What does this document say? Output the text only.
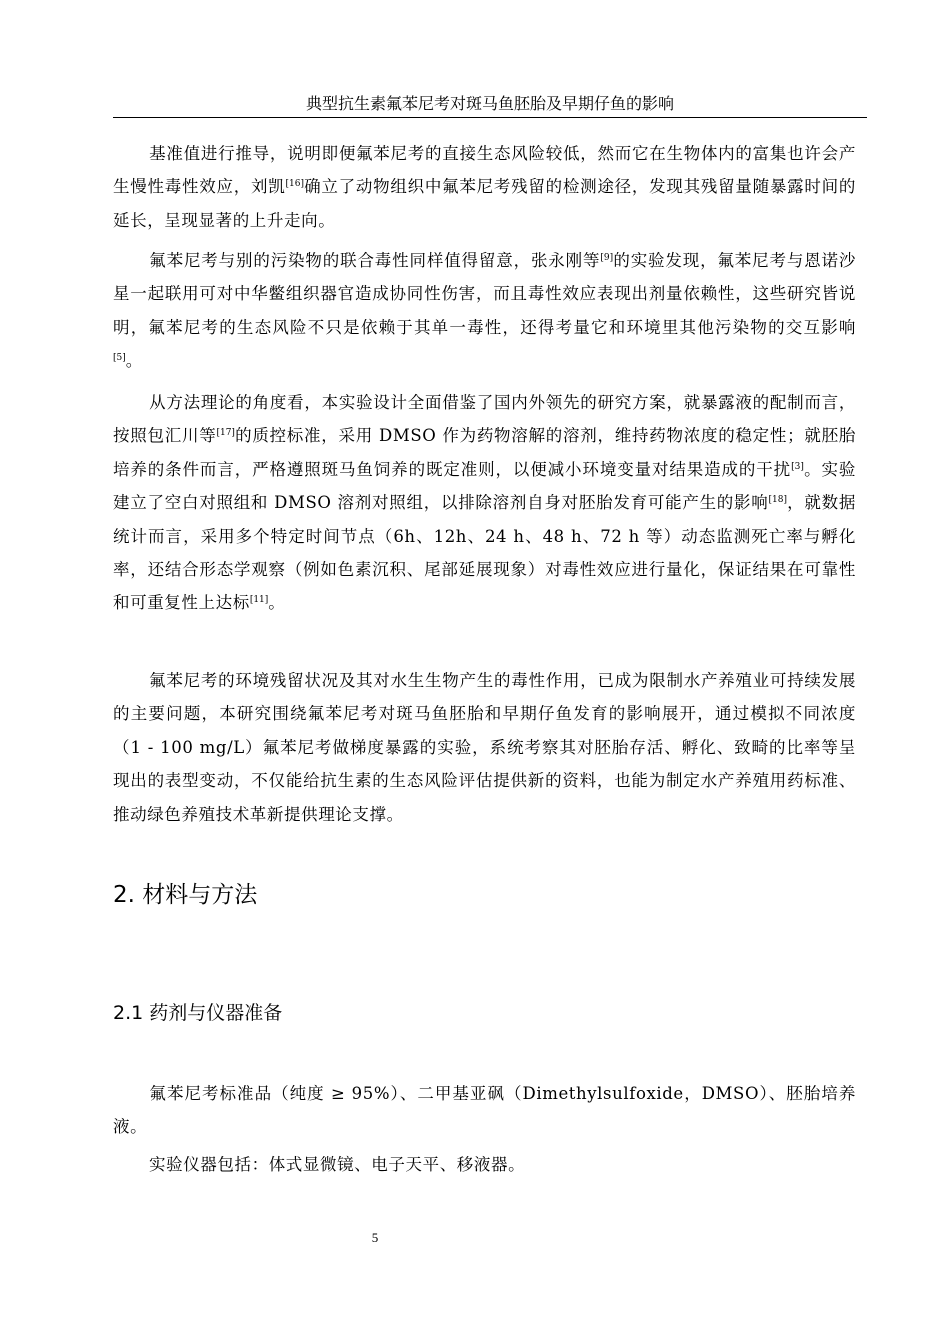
典型抗生素氟苯尼考对斑马鱼胚胎及早期仔鱼的影响

基准值进行推导，说明即便氟苯尼考的直接生态风险较低，然而它在生物体内的富集也许会产生慢性毒性效应，刘凯[16]确立了动物组织中氟苯尼考残留的检测途径，发现其残留量随暴露时间的延长，呈现显著的上升走向。

氟苯尼考与别的污染物的联合毒性同样值得留意，张永刚等[9]的实验发现，氟苯尼考与恩诺沙星一起联用可对中华鳖组织器官造成协同性伤害，而且毒性效应表现出剂量依赖性，这些研究皆说明，氟苯尼考的生态风险不只是依赖于其单一毒性，还得考量它和环境里其他污染物的交互影响[5]。

从方法理论的角度看，本实验设计全面借鉴了国内外领先的研究方案，就暴露液的配制而言，按照包汇川等[17]的质控标准，采用 DMSO 作为药物溶解的溶剂，维持药物浓度的稳定性；就胚胎培养的条件而言，严格遵照斑马鱼饲养的既定准则，以便减小环境变量对结果造成的干扰[3]。实验建立了空白对照组和 DMSO 溶剂对照组，以排除溶剂自身对胚胎发育可能产生的影响[18]，就数据统计而言，采用多个特定时间节点（6h、12h、24 h、48 h、72 h 等）动态监测死亡率与孵化率，还结合形态学观察（例如色素沉积、尾部延展现象）对毒性效应进行量化，保证结果在可靠性和可重复性上达标[11]。

氟苯尼考的环境残留状况及其对水生生物产生的毒性作用，已成为限制水产养殖业可持续发展的主要问题，本研究围绕氟苯尼考对斑马鱼胚胎和早期仔鱼发育的影响展开，通过模拟不同浓度（1 - 100 mg/L）氟苯尼考做梯度暴露的实验，系统考察其对胚胎存活、孵化、致畸的比率等呈现出的表型变动，不仅能给抗生素的生态风险评估提供新的资料，也能为制定水产养殖用药标准、推动绿色养殖技术革新提供理论支撑。

2. 材料与方法
2.1 药剂与仪器准备

氟苯尼考标准品（纯度 ≥ 95%）、二甲基亚砜（Dimethylsulfoxide，DMSO）、胚胎培养液。

实验仪器包括：体式显微镜、电子天平、移液器。

5
